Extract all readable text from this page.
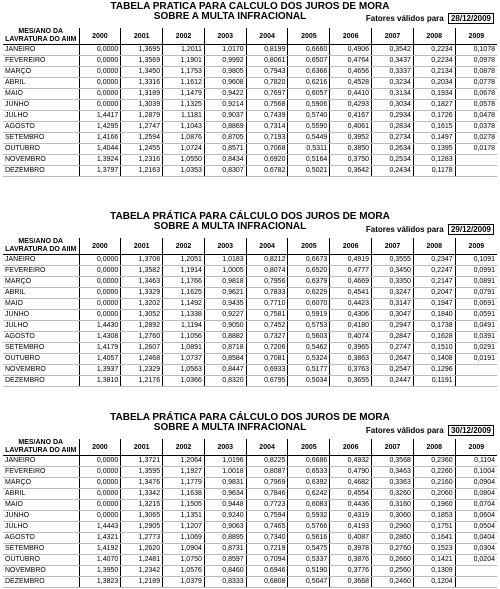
TABELA PRATICA PARA CALCULO DOS JUROS DE MORA
SOBRE A MULTA INFRACIONAL	Fatores válidos para 28/12/2009
MÊS/ANO DA LAVRATURA DO AIIM	2000	2001	2002	2003	2004	2005	2006	2007	2008	2009
JANEIRO	0,0000	1,3695	1,2011	1,0170	0,8199	0,6660	0,4906	0,3542	0,2234	0,1078
FEVEREIRO	0,0000	1,3569	1,1901	0,9992	0,8061	0,6507	0,4764	0,3437	0,2234	0,0978
MARÇO	0,0000	1,3450	1,1753	0,9805	0,7943	0,6366	0,4656	0,3337	0,2134	0,0878
ABRIL	0,0000	1,3316	1,1612	0,9608	0,7820	0,6216	0,4528	0,3234	0,2034	0,0778
MAIO	0,0000	1,3189	1,1479	0,9422	0,7697	0,6057	0,4410	0,3134	0,1934	0,0678
JUNHO	0,0000	1,3039	1,1325	0,9214	0,7568	0,5906	0,4293	0,3034	0,1827	0,0578
JULHO	1,4417	1,2879	1,1181	0,9037	0,7439	0,5740	0,4167	0,2934	0,1726	0,0478
AGOSTO	1,4295	1,2747	1,1043	0,8869	0,7314	0,5590	0,4061	0,2834	0,1615	0,0378
SETEMBRO	1,4166	1,2594	1,0876	0,8705	0,7193	0,5449	0,3952	0,2734	0,1497	0,0278
OUTUBRO	1,4044	1,2455	1,0724	0,8571	0,7068	0,5311	0,3850	0,2634	0,1395	0,0178
NOVEMBRO	1,3924	1,2316	1,0550	0,8434	0,6920	0,5164	0,3750	0,2534	0,1283	
DEZEMBRO	1,3797	1,2163	1,0353	0,8307	0,6782	0,5021	0,3642	0,2434	0,1178	
TABELA PRÁTICA PARA CÁLCULO DOS JUROS DE MORA
SOBRE A MULTA INFRACIONAL	Fatores válidos para 29/12/2009
MÊS/ANO DA LAVRATURA DO AIIM	2000	2001	2002	2003	2004	2005	2006	2007	2008	2009
JANEIRO	0,0000	1,3708	1,2051	1,0183	0,8212	0,6673	0,4919	0,3555	0,2347	0,1091
FEVEREIRO	0,0000	1,3582	1,1914	1,0005	0,8074	0,6520	0,4777	0,3450	0,2247	0,0991
MARÇO	0,0000	1,3463	1,1766	0,9818	0,7956	0,6379	0,4669	0,3350	0,2147	0,0891
ABRIL	0,0000	1,3329	1,1625	0,9621	0,7833	0,6229	0,4541	0,3247	0,2047	0,0791
MAIO	0,0000	1,3202	1,1492	0,9435	0,7710	0,6070	0,4423	0,3147	0,1947	0,0691
JUNHO	0,0000	1,3052	1,1338	0,9227	0,7581	0,5919	0,4306	0,3047	0,1840	0,0591
JULHO	1,4430	1,2892	1,1194	0,9050	0,7452	0,5753	0,4180	0,2947	0,1738	0,0491
AGOSTO	1,4308	1,2760	1,1056	0,8882	0,7327	0,5603	0,4074	0,2847	0,1628	0,0391
SETEMBRO	1,4179	1,2607	1,0891	0,8718	0,7206	0,5462	0,3965	0,2747	0,1510	0,0291
OUTUBRO	1,4057	1,2468	1,0737	0,8584	0,7081	0,5324	0,3863	0,2647	0,1408	0,0191
NOVEMBRO	1,3937	1,2329	1,0563	0,8447	0,6933	0,5177	0,3763	0,2547	0,1296	
DEZEMBRO	1,3810	1,2176	1,0366	0,8320	0,6795	0,5034	0,3655	0,2447	0,1191	
TABELA PRÁTICA PARA CÁLCULO DOS JUROS DE MORA
SOBRE A MULTA INFRACIONAL	Fatores válidos para 30/12/2009
MÊS/ANO DA LAVRATURA DO AIIM	2000	2001	2002	2003	2004	2005	2006	2007	2008	2009
JANEIRO	0,0000	1,3721	1,2064	1,0196	0,8225	0,6686	0,4932	0,3568	0,2360	0,1104
FEVEREIRO	0,0000	1,3595	1,1927	1,0018	0,8087	0,6533	0,4790	0,3463	0,2260	0,1004
MARÇO	0,0000	1,3476	1,1779	0,9831	0,7969	0,6392	0,4682	0,3363	0,2160	0,0904
ABRIL	0,0000	1,3342	1,1638	0,9634	0,7846	0,6242	0,4554	0,3260	0,2060	0,0804
MAIO	0,0000	1,3215	1,1505	0,9448	0,7723	0,6083	0,4436	0,3160	0,1960	0,0704
JUNHO	0,0000	1,3065	1,1351	0,9240	0,7594	0,5932	0,4319	0,3060	0,1853	0,0604
JULHO	1,4443	1,2905	1,1207	0,9063	0,7465	0,5766	0,4193	0,2960	0,1751	0,0504
AGOSTO	1,4321	1,2773	1,1069	0,8895	0,7340	0,5616	0,4087	0,2860	0,1641	0,0404
SETEMBRO	1,4192	1,2620	1,0904	0,8731	0,7219	0,5475	0,3978	0,2760	0,1523	0,0304
OUTUBRO	1,4070	1,2481	1,0750	0,8597	0,7094	0,5337	0,3876	0,2660	0,1421	0,0204
NOVEMBRO	1,3950	1,2342	1,0576	0,8460	0,6946	0,5190	0,3776	0,2560	0,1309	
DEZEMBRO	1,3823	1,2189	1,0379	0,8333	0,6808	0,5047	0,3668	0,2460	0,1204	
